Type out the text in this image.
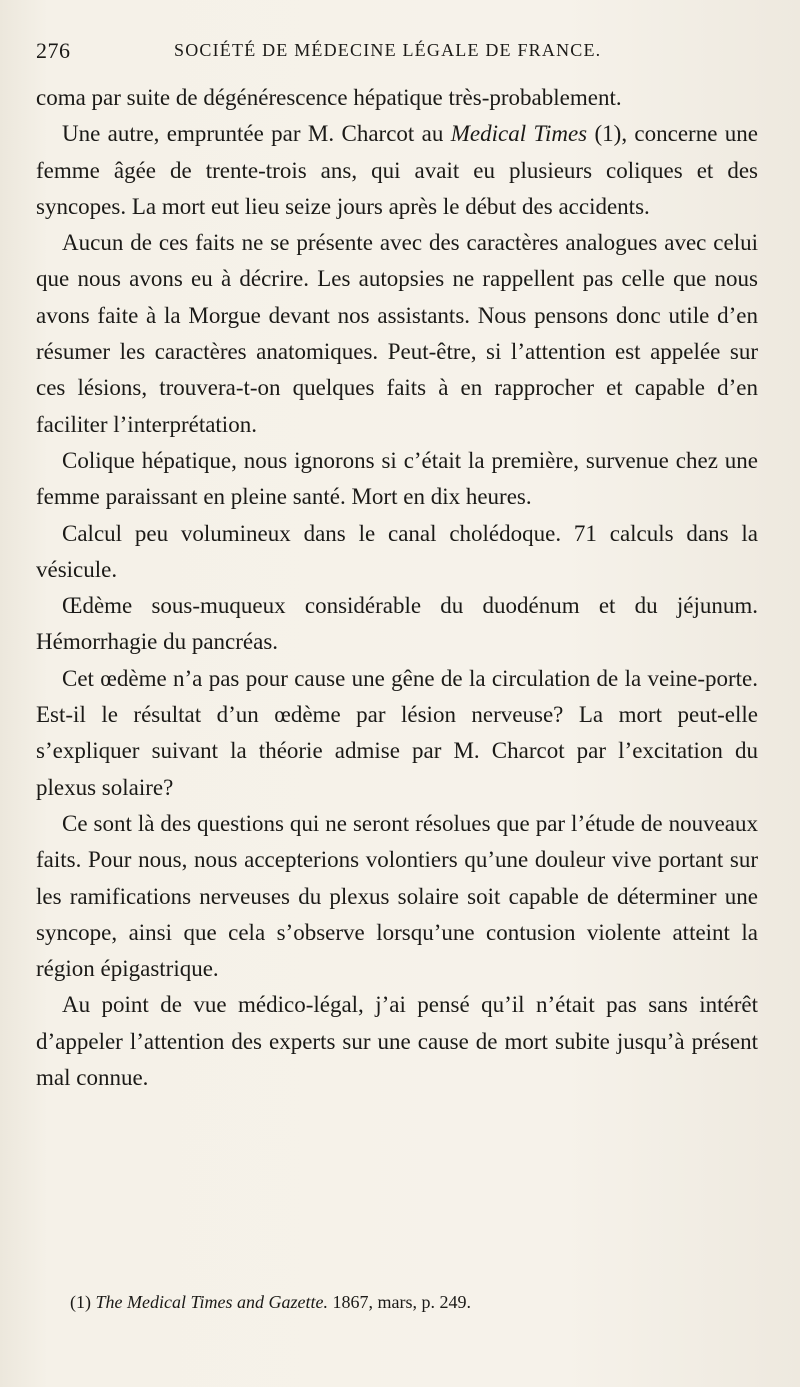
276	SOCIÉTÉ DE MÉDECINE LÉGALE DE FRANCE.

coma par suite de dégénérescence hépatique très-probablement.

Une autre, empruntée par M. Charcot au Medical Times (1), concerne une femme âgée de trente-trois ans, qui avait eu plusieurs coliques et des syncopes. La mort eut lieu seize jours après le début des accidents.

Aucun de ces faits ne se présente avec des caractères analogues avec celui que nous avons eu à décrire. Les autopsies ne rappellent pas celle que nous avons faite à la Morgue devant nos assistants. Nous pensons donc utile d’en résumer les caractères anatomiques. Peut-être, si l’attention est appelée sur ces lésions, trouvera-t-on quelques faits à en rapprocher et capable d’en faciliter l’interprétation.

Colique hépatique, nous ignorons si c’était la première, survenue chez une femme paraissant en pleine santé. Mort en dix heures.

Calcul peu volumineux dans le canal cholédoque. 71 calculs dans la vésicule.

Œdème sous-muqueux considérable du duodénum et du jéjunum. Hémorrhagie du pancréas.

Cet œdème n’a pas pour cause une gêne de la circulation de la veine-porte. Est-il le résultat d’un œdème par lésion nerveuse? La mort peut-elle s’expliquer suivant la théorie admise par M. Charcot par l’excitation du plexus solaire?

Ce sont là des questions qui ne seront résolues que par l’étude de nouveaux faits. Pour nous, nous accepterions volontiers qu’une douleur vive portant sur les ramifications nerveuses du plexus solaire soit capable de déterminer une syncope, ainsi que cela s’observe lorsqu’une contusion violente atteint la région épigastrique.

Au point de vue médico-légal, j’ai pensé qu’il n’était pas sans intérêt d’appeler l’attention des experts sur une cause de mort subite jusqu’à présent mal connue.

(1) The Medical Times and Gazette. 1867, mars, p. 249.
